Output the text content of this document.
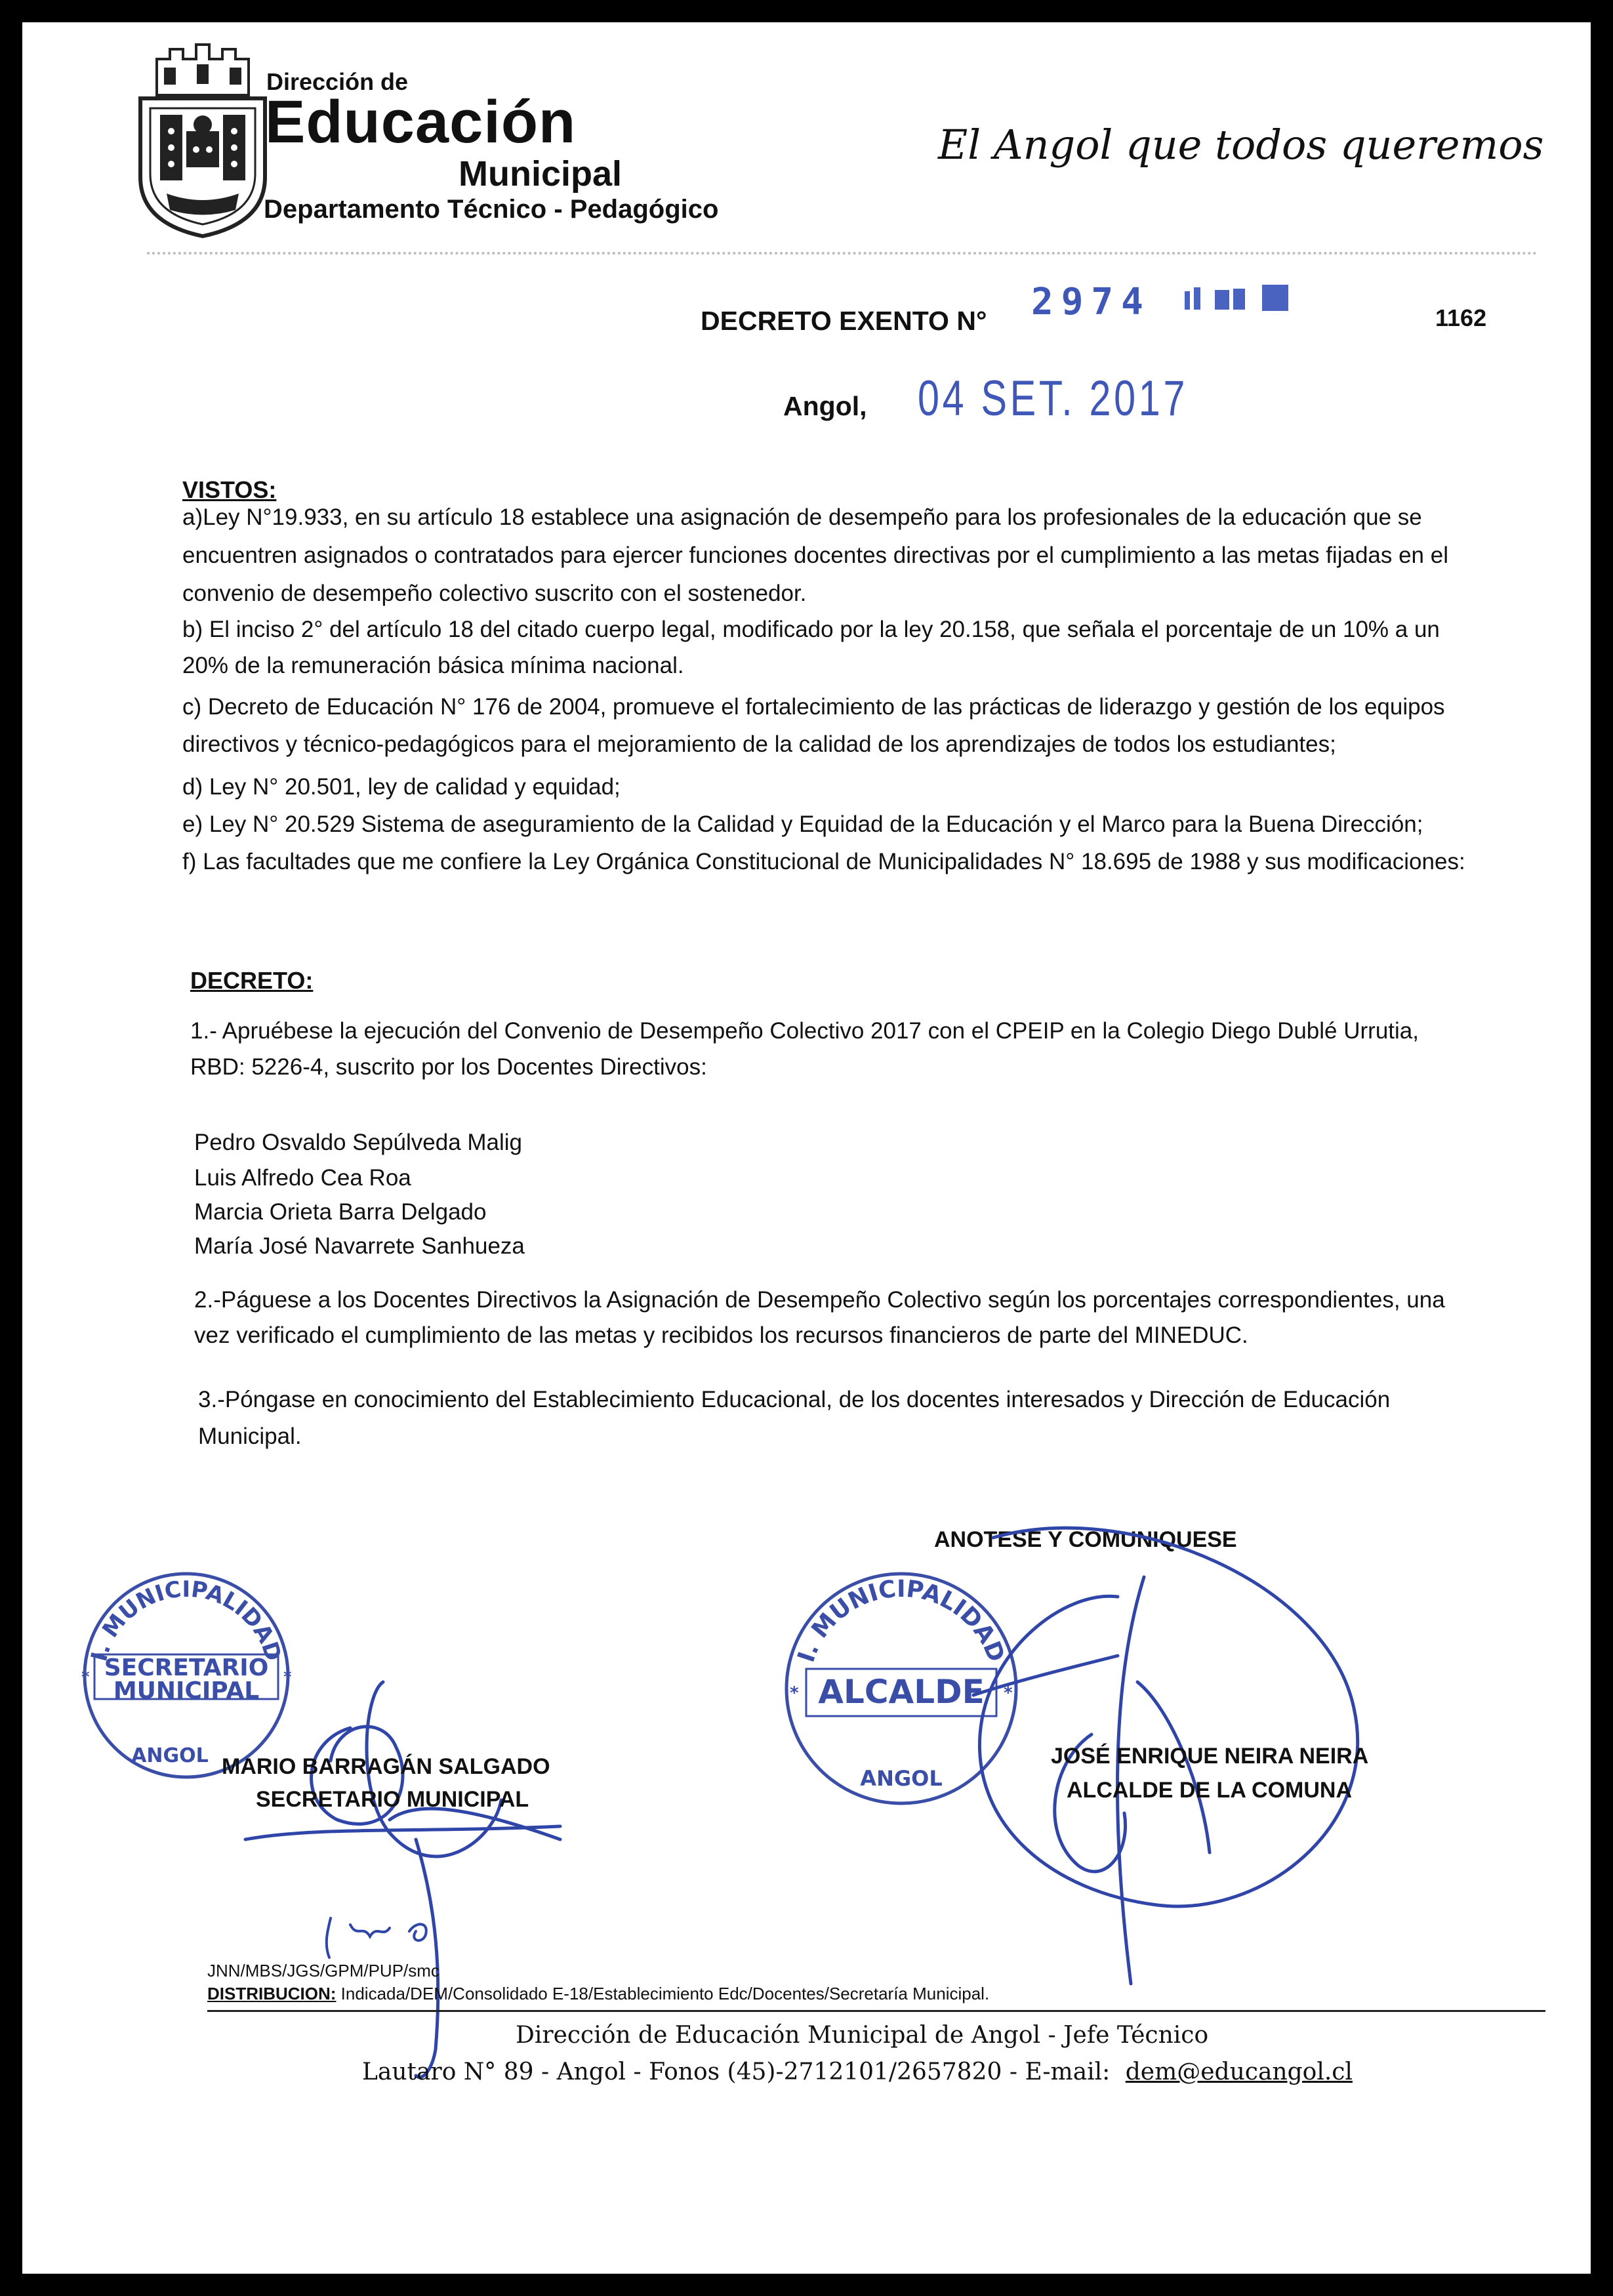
Dirección de
Educación
Municipal
Departamento Técnico - Pedagógico
El Angol que todos queremos
DECRETO EXENTO N° 2974	1162
Angol, 04 SET. 2017
VISTOS:
a)Ley N°19.933, en su artículo 18 establece una asignación de desempeño para los profesionales de la educación que se
encuentren asignados o contratados para ejercer funciones docentes directivas por el cumplimiento a las metas fijadas en el
convenio de desempeño colectivo suscrito con el sostenedor.
b) El inciso 2° del artículo 18 del citado cuerpo legal, modificado por la ley 20.158, que señala el porcentaje de un 10% a un
20% de la remuneración básica mínima nacional.
c) Decreto de Educación N° 176 de 2004, promueve el fortalecimiento de las prácticas de liderazgo y gestión de los equipos
directivos y técnico-pedagógicos para el mejoramiento de la calidad de los aprendizajes de todos los estudiantes;
d) Ley N° 20.501, ley de calidad y equidad;
e) Ley N° 20.529 Sistema de aseguramiento de la Calidad y Equidad de la Educación y el Marco para la Buena Dirección;
f) Las facultades que me confiere la Ley Orgánica Constitucional de Municipalidades N° 18.695 de 1988 y sus modificaciones:
DECRETO:
1.- Apruébese la ejecución del Convenio de Desempeño Colectivo 2017 con el CPEIP en la Colegio Diego Dublé Urrutia,
RBD: 5226-4, suscrito por los Docentes Directivos:
Pedro Osvaldo Sepúlveda Malig
Luis Alfredo Cea Roa
Marcia Orieta Barra Delgado
María José Navarrete Sanhueza
2.-Páguese a los Docentes Directivos la Asignación de Desempeño Colectivo según los porcentajes correspondientes, una
vez verificado el cumplimiento de las metas y recibidos los recursos financieros de parte del MINEDUC.
3.-Póngase en conocimiento del Establecimiento Educacional, de los docentes interesados y Dirección de Educación
Municipal.
ANOTESE Y COMUNIQUESE
I. MUNICIPALIDAD
SECRETARIO
MUNICIPAL
ANGOL
*	*
MARIO BARRAGÁN SALGADO
SECRETARIO MUNICIPAL
I. MUNICIPALIDAD
ALCALDE
ANGOL
*	*
JOSÉ ENRIQUE NEIRA NEIRA
ALCALDE DE LA COMUNA
JNN/MBS/JGS/GPM/PUP/smc
DISTRIBUCION: Indicada/DEM/Consolidado E-18/Establecimiento Edc/Docentes/Secretaría Municipal.
Dirección de Educación Municipal de Angol - Jefe Técnico
Lautaro N° 89 - Angol - Fonos (45)-2712101/2657820 - E-mail: dem@educangol.cl
